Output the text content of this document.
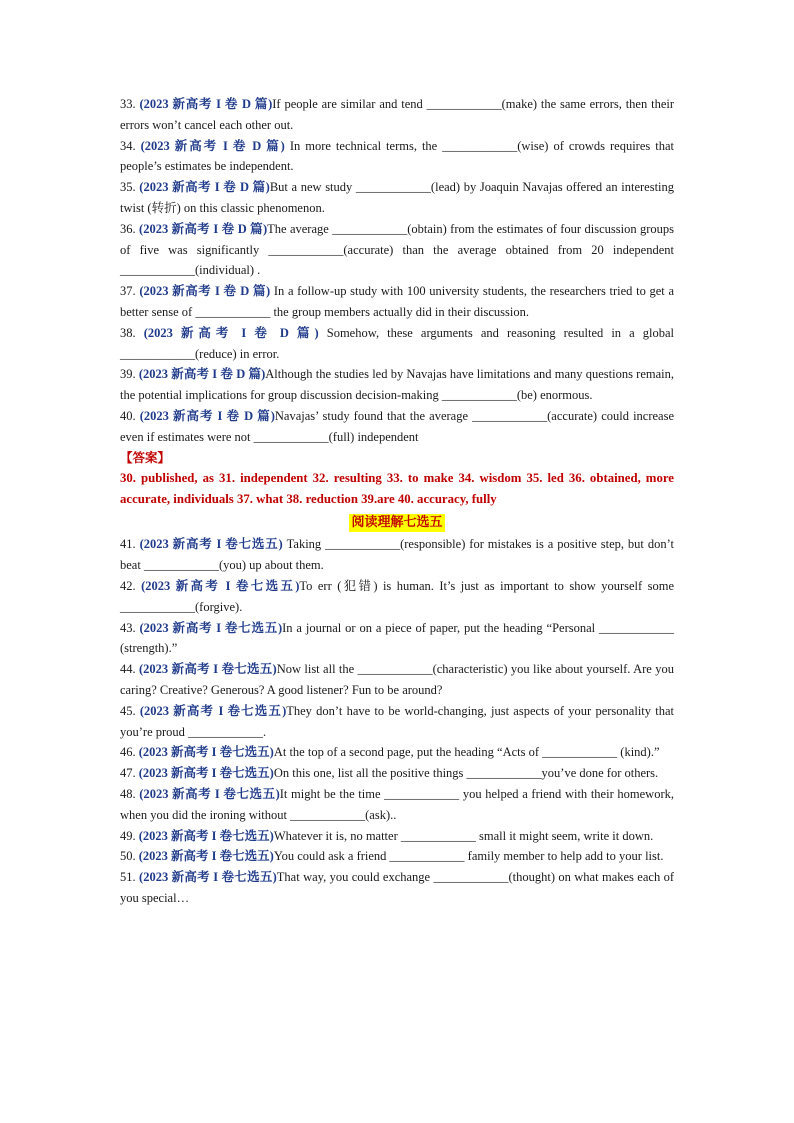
33. (2023 新高考 I 卷 D 篇)If people are similar and tend ____________(make) the same errors, then their errors won’t cancel each other out.

34. (2023 新高考 I 卷 D 篇) In more technical terms, the ____________(wise) of crowds requires that people’s estimates be independent.

35. (2023 新高考 I 卷 D 篇)But a new study ____________(lead) by Joaquin Navajas offered an interesting twist (转折) on this classic phenomenon.

36. (2023 新高考 I 卷 D 篇)The average ____________(obtain) from the estimates of four discussion groups of five was significantly ____________(accurate) than the average obtained from 20 independent ____________(individual) .

37. (2023 新高考 I 卷 D 篇) In a follow-up study with 100 university students, the researchers tried to get a better sense of ____________ the group members actually did in their discussion.

38. (2023 新高考 I 卷 D 篇) Somehow, these arguments and reasoning resulted in a global ____________(reduce) in error.

39. (2023 新高考 I 卷 D 篇)Although the studies led by Navajas have limitations and many questions remain, the potential implications for group discussion decision-making ____________(be) enormous.

40. (2023 新高考 I 卷 D 篇)Navajas’ study found that the average ____________(accurate) could increase even if estimates were not ____________(full) independent

【答案】

30. published, as 31. independent 32. resulting 33. to make 34. wisdom 35. led 36. obtained, more accurate, individuals 37. what 38. reduction 39.are 40. accuracy, fully

阅读理解七选五

41. (2023 新高考 I 卷七选五) Taking ____________(responsible) for mistakes is a positive step, but don’t beat ____________(you) up about them.

42. (2023 新高考 I 卷七选五)To err (犯错) is human. It’s just as important to show yourself some ____________(forgive).

43. (2023 新高考 I 卷七选五)In a journal or on a piece of paper, put the heading “Personal ____________ (strength).”

44. (2023 新高考 I 卷七选五)Now list all the ____________(characteristic) you like about yourself. Are you caring? Creative? Generous? A good listener? Fun to be around?

45. (2023 新高考 I 卷七选五)They don’t have to be world-changing, just aspects of your personality that you’re proud ____________.

46. (2023 新高考 I 卷七选五)At the top of a second page, put the heading “Acts of ____________ (kind).”

47. (2023 新高考 I 卷七选五)On this one, list all the positive things ____________you’ve done for others.

48. (2023 新高考 I 卷七选五)It might be the time ____________ you helped a friend with their homework, when you did the ironing without ____________(ask)..

49. (2023 新高考 I 卷七选五)Whatever it is, no matter ____________ small it might seem, write it down.

50. (2023 新高考 I 卷七选五)You could ask a friend ____________ family member to help add to your list.

51. (2023 新高考 I 卷七选五)That way, you could exchange ____________(thought) on what makes each of you special…
